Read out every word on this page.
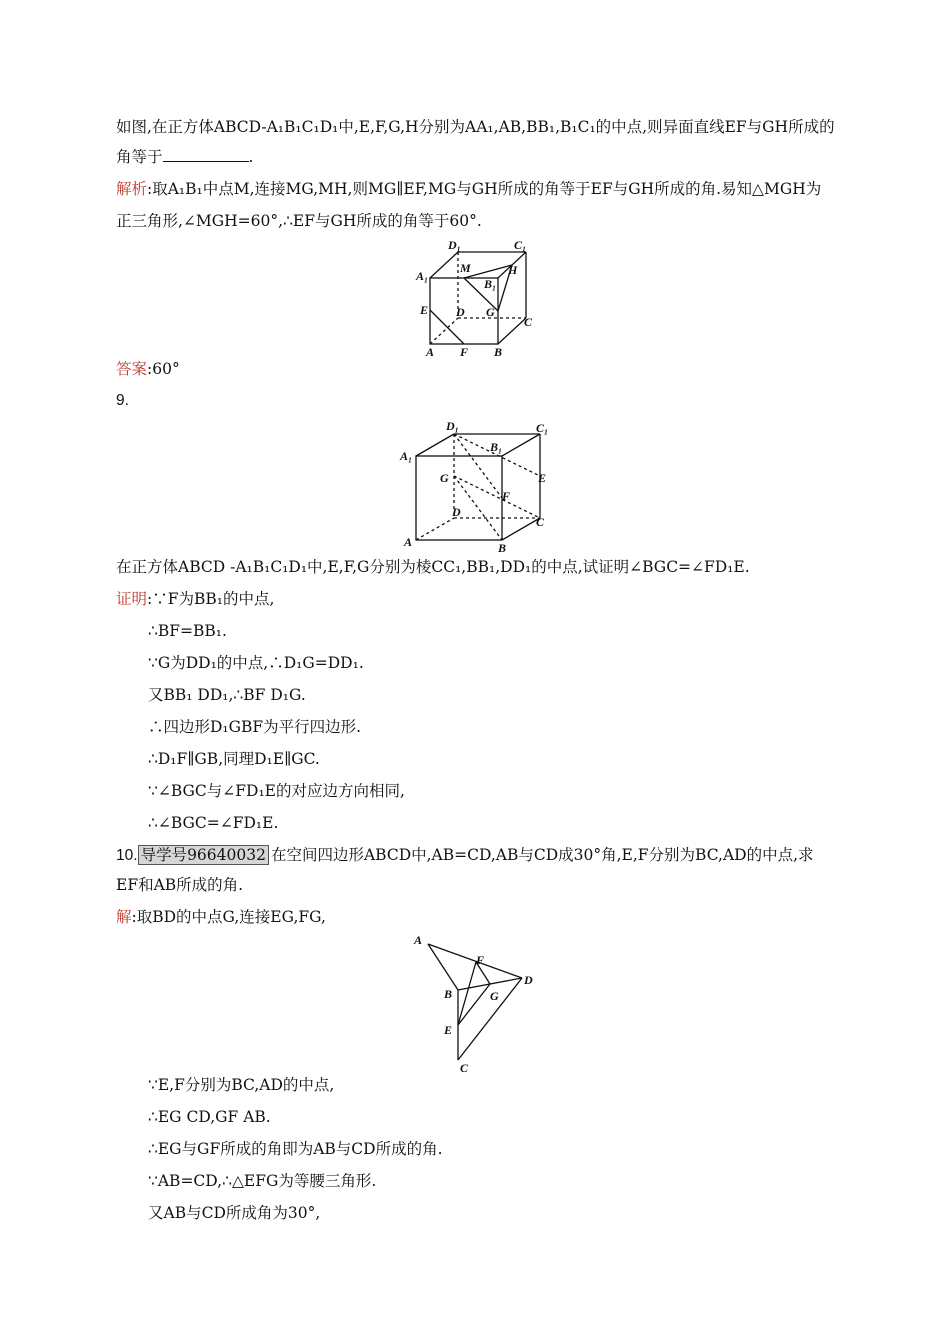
如图,在正方体ABCD-A₁B₁C₁D₁中,E,F,G,H分别为AA₁,AB,BB₁,B₁C₁的中点,则异面直线EF与GH所成的
角等于	.
解析:取A₁B₁中点M,连接MG,MH,则MG∥EF,MG与GH所成的角等于EF与GH所成的角.易知△MGH为
正三角形,∠MGH=60°,∴EF与GH所成的角等于60°.
D₁	C₁
A₁
M	H
B₁
E D G
C
A F B
答案:60°
9.
D₁
B₁
C₁
A₁
G	E
F
D
C
A	B
在正方体ABCD -A₁B₁C₁D₁中,E,F,G分别为棱CC₁,BB₁,DD₁的中点,试证明∠BGC=∠FD₁E.
证明:∵F为BB₁的中点,
∴BF=BB₁.
∵G为DD₁的中点,∴D₁G=DD₁.
又BB₁ DD₁,∴BF D₁G.
∴四边形D₁GBF为平行四边形.
∴D₁F∥GB,同理D₁E∥GC.
∵∠BGC与∠FD₁E的对应边方向相同,
∴∠BGC=∠FD₁E.
10. 导学号96640032 在空间四边形ABCD中,AB=CD,AB与CD成30°角,E,F分别为BC,AD的中点,求
EF和AB所成的角.
解:取BD的中点G,连接EG,FG,
A
F
B	G
D
E
C
∵E,F分别为BC,AD的中点,
∴EG CD,GF AB.
∴EG与GF所成的角即为AB与CD所成的角.
∵AB=CD,∴△EFG为等腰三角形.
又AB与CD所成角为30°,
